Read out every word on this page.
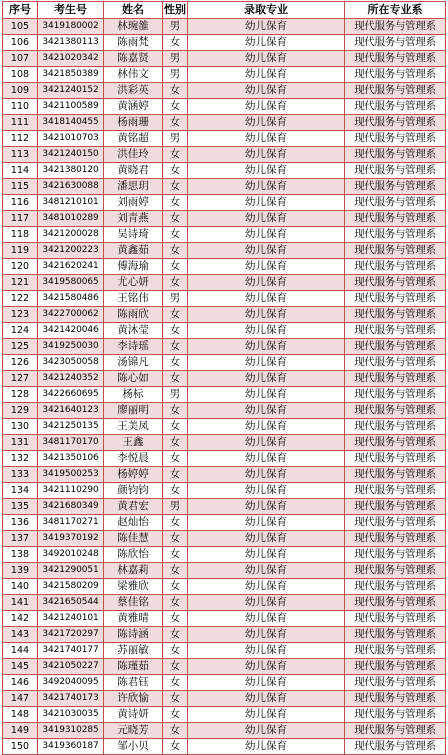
序号	考生号	姓名	性别	录取专业	所在专业系
105	3419180002	林琬雒	男	幼儿保育	现代服务与管理系
106	3421380113	陈雨梵	女	幼儿保育	现代服务与管理系
107	3421020342	陈嘉贤	男	幼儿保育	现代服务与管理系
108	3421850389	林伟文	男	幼儿保育	现代服务与管理系
109	3421240152	洪彩英	女	幼儿保育	现代服务与管理系
110	3421100589	黄涵婷	女	幼儿保育	现代服务与管理系
111	3418140455	杨雨珊	女	幼儿保育	现代服务与管理系
112	3421010703	黄铭超	男	幼儿保育	现代服务与管理系
113	3421240150	洪佳玲	女	幼儿保育	现代服务与管理系
114	3421380120	黄晓君	女	幼儿保育	现代服务与管理系
115	3421630088	潘思玥	女	幼儿保育	现代服务与管理系
116	3481210101	刘雨婷	女	幼儿保育	现代服务与管理系
117	3481010289	刘青燕	女	幼儿保育	现代服务与管理系
118	3421200028	吴诗琦	女	幼儿保育	现代服务与管理系
119	3421200223	黄鑫茹	女	幼儿保育	现代服务与管理系
120	3421620241	傅海瑜	女	幼儿保育	现代服务与管理系
121	3419580065	尤心妍	女	幼儿保育	现代服务与管理系
122	3421580486	王铭伟	男	幼儿保育	现代服务与管理系
123	3422700062	陈雨欣	女	幼儿保育	现代服务与管理系
124	3421420046	黄沐莹	女	幼儿保育	现代服务与管理系
125	3419250030	李诗瑶	女	幼儿保育	现代服务与管理系
126	3423050058	汤锦凡	女	幼儿保育	现代服务与管理系
127	3421240352	陈心如	女	幼儿保育	现代服务与管理系
128	3422660695	杨标	男	幼儿保育	现代服务与管理系
129	3421640123	廖丽明	女	幼儿保育	现代服务与管理系
130	3421250135	王美凤	女	幼儿保育	现代服务与管理系
131	3481170170	王鑫	女	幼儿保育	现代服务与管理系
132	3421350106	李悦晨	女	幼儿保育	现代服务与管理系
133	3419500253	杨婷婷	女	幼儿保育	现代服务与管理系
134	3421110290	颜钧钧	女	幼儿保育	现代服务与管理系
135	3421680349	黄君宏	男	幼儿保育	现代服务与管理系
136	3481170271	赵灿怡	女	幼儿保育	现代服务与管理系
137	3419370192	陈佳慧	女	幼儿保育	现代服务与管理系
138	3492010248	陈欣怡	女	幼儿保育	现代服务与管理系
139	3421290051	林嘉莉	女	幼儿保育	现代服务与管理系
140	3421580209	梁雅欣	女	幼儿保育	现代服务与管理系
141	3421650544	蔡佳铭	女	幼儿保育	现代服务与管理系
142	3421240101	黄雅晴	女	幼儿保育	现代服务与管理系
143	3421720297	陈诗涵	女	幼儿保育	现代服务与管理系
144	3421740177	苏丽敏	女	幼儿保育	现代服务与管理系
145	3421050227	陈瑾茹	女	幼儿保育	现代服务与管理系
146	3492040095	陈君钰	女	幼儿保育	现代服务与管理系
147	3421740173	许欣愉	女	幼儿保育	现代服务与管理系
148	3421030035	黄诗妍	女	幼儿保育	现代服务与管理系
149	3419310285	元晓芳	女	幼儿保育	现代服务与管理系
150	3419360187	邹小贝	女	幼儿保育	现代服务与管理系
